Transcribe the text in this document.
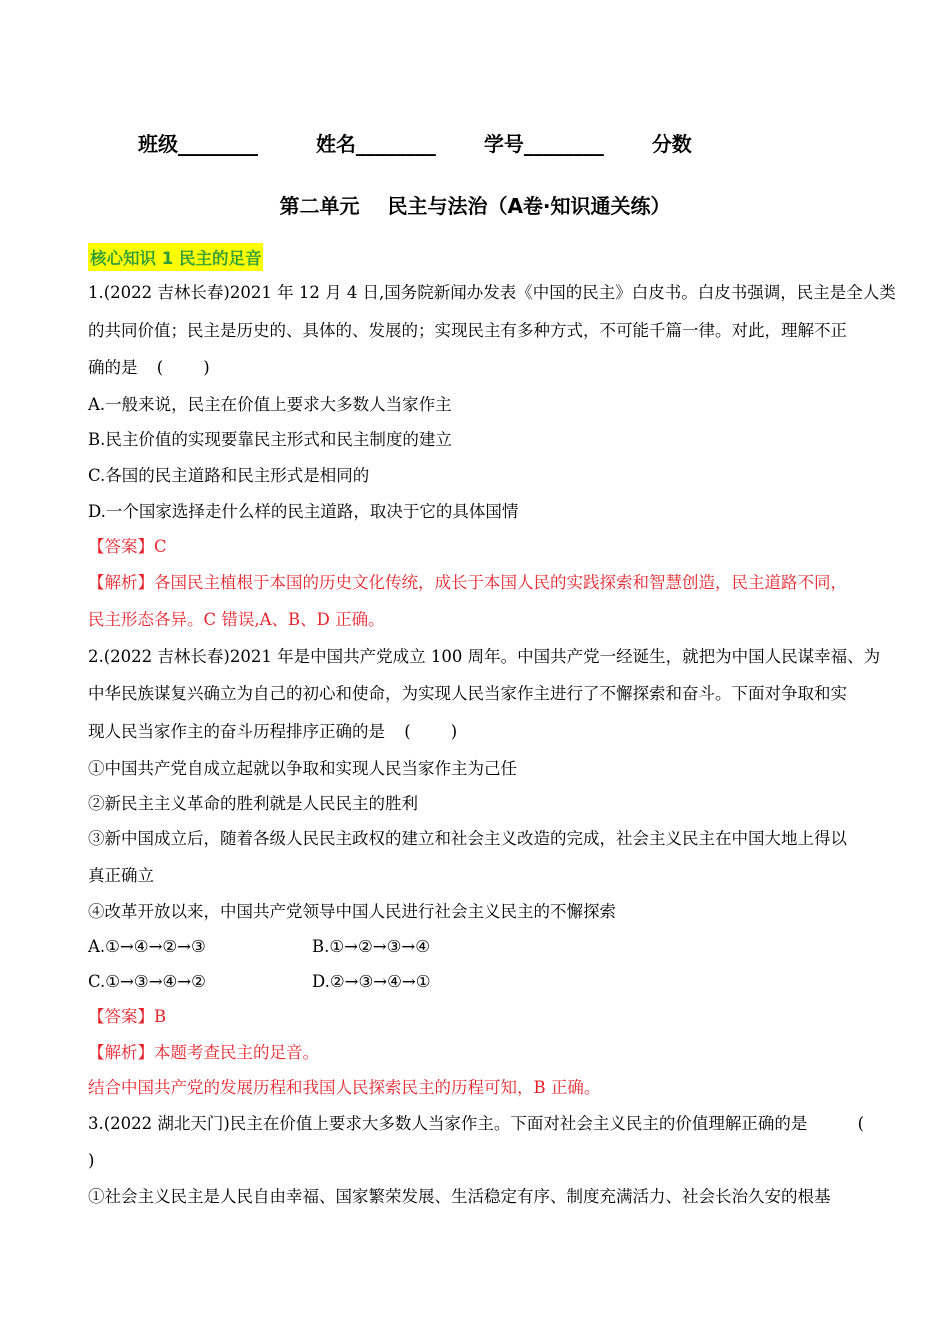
班级________	姓名________ 学号________ 分数
第二单元 民主与法治（A卷·知识通关练）
核心知识 1 民主的足音
1.(2022 吉林长春)2021 年 12 月 4 日,国务院新闻办发表《中国的民主》白皮书。白皮书强调，民主是全人类
的共同价值；民主是历史的、具体的、发展的；实现民主有多种方式，不可能千篇一律。对此，理解不正
确的是 ( )
A.一般来说，民主在价值上要求大多数人当家作主
B.民主价值的实现要靠民主形式和民主制度的建立
C.各国的民主道路和民主形式是相同的
D.一个国家选择走什么样的民主道路，取决于它的具体国情
【答案】C
【解析】各国民主植根于本国的历史文化传统，成长于本国人民的实践探索和智慧创造，民主道路不同，
民主形态各异。C 错误,A、B、D 正确。
2.(2022 吉林长春)2021 年是中国共产党成立 100 周年。中国共产党一经诞生，就把为中国人民谋幸福、为
中华民族谋复兴确立为自己的初心和使命，为实现人民当家作主进行了不懈探索和奋斗。下面对争取和实
现人民当家作主的奋斗历程排序正确的是 ( )
①中国共产党自成立起就以争取和实现人民当家作主为己任
②新民主主义革命的胜利就是人民民主的胜利
③新中国成立后，随着各级人民民主政权的建立和社会主义改造的完成，社会主义民主在中国大地上得以
真正确立
④改革开放以来，中国共产党领导中国人民进行社会主义民主的不懈探索
A.①→④→②→③	B.①→②→③→④
C.①→③→④→②	D.②→③→④→①
【答案】B
【解析】本题考查民主的足音。
结合中国共产党的发展历程和我国人民探索民主的历程可知，B 正确。
3.(2022 湖北天门)民主在价值上要求大多数人当家作主。下面对社会主义民主的价值理解正确的是	(
)
①社会主义民主是人民自由幸福、国家繁荣发展、生活稳定有序、制度充满活力、社会长治久安的根基
